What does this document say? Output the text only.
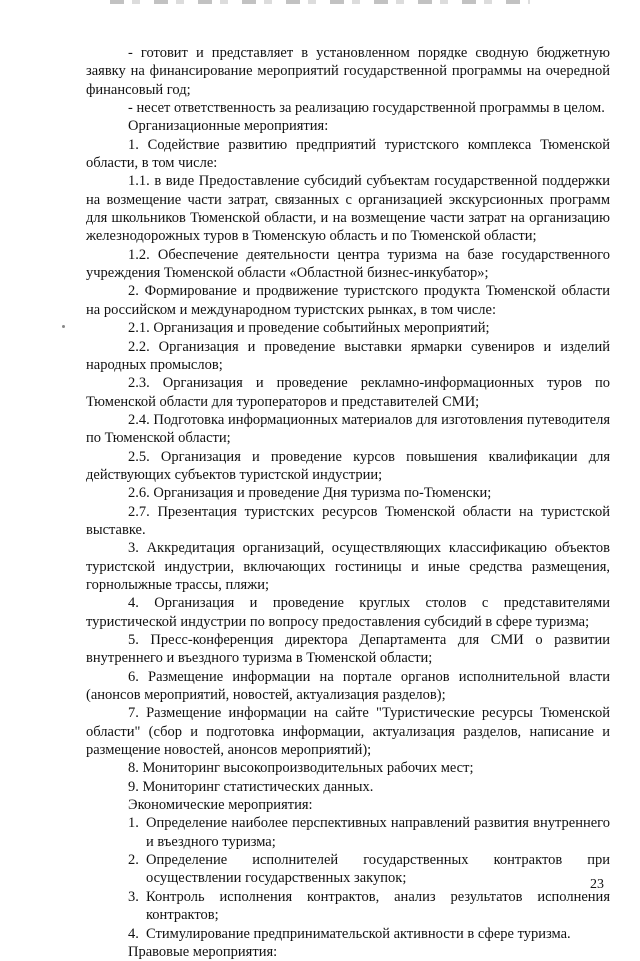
- готовит и представляет в установленном порядке сводную бюджетную заявку на финансирование мероприятий государственной программы на очередной финансовый год;

- несет ответственность за реализацию государственной программы в целом.

Организационные мероприятия:

1. Содействие развитию предприятий туристского комплекса Тюменской области, в том числе:

1.1. в виде Предоставление субсидий субъектам государственной поддержки на возмещение части затрат, связанных с организацией экскурсионных программ для школьников Тюменской области, и на возмещение части затрат на организацию железнодорожных туров в Тюменскую область и по Тюменской области;

1.2. Обеспечение деятельности центра туризма на базе государственного учреждения Тюменской области «Областной бизнес-инкубатор»;

2. Формирование и продвижение туристского продукта Тюменской области на российском и международном туристских рынках, в том числе:

2.1. Организация и проведение событийных мероприятий;

2.2. Организация и проведение выставки ярмарки сувениров и изделий народных промыслов;

2.3. Организация и проведение рекламно-информационных туров по Тюменской области для туроператоров и представителей СМИ;

2.4. Подготовка информационных материалов для изготовления путеводителя по Тюменской области;

2.5. Организация и проведение курсов повышения квалификации для действующих субъектов туристской индустрии;

2.6. Организация и проведение Дня туризма по-Тюменски;

2.7. Презентация туристских ресурсов Тюменской области на туристской выставке.

3. Аккредитация организаций, осуществляющих классификацию объектов туристской индустрии, включающих гостиницы и иные средства размещения, горнолыжные трассы, пляжи;

4. Организация и проведение круглых столов с представителями туристической индустрии по вопросу предоставления субсидий в сфере туризма;

5. Пресс-конференция директора Департамента для СМИ о развитии внутреннего и въездного туризма в Тюменской области;

6. Размещение информации на портале органов исполнительной власти (анонсов мероприятий, новостей, актуализация разделов);

7. Размещение информации на сайте "Туристические ресурсы Тюменской области" (сбор и подготовка информации, актуализация разделов, написание и размещение новостей, анонсов мероприятий);

8. Мониторинг высокопроизводительных рабочих мест;

9. Мониторинг статистических данных.

Экономические мероприятия:

1. Определение наиболее перспективных направлений развития внутреннего и въездного туризма;
2. Определение исполнителей государственных контрактов при осуществлении государственных закупок;
3. Контроль исполнения контрактов, анализ результатов исполнения контрактов;
4. Стимулирование предпринимательской активности в сфере туризма.

Правовые мероприятия:

23
